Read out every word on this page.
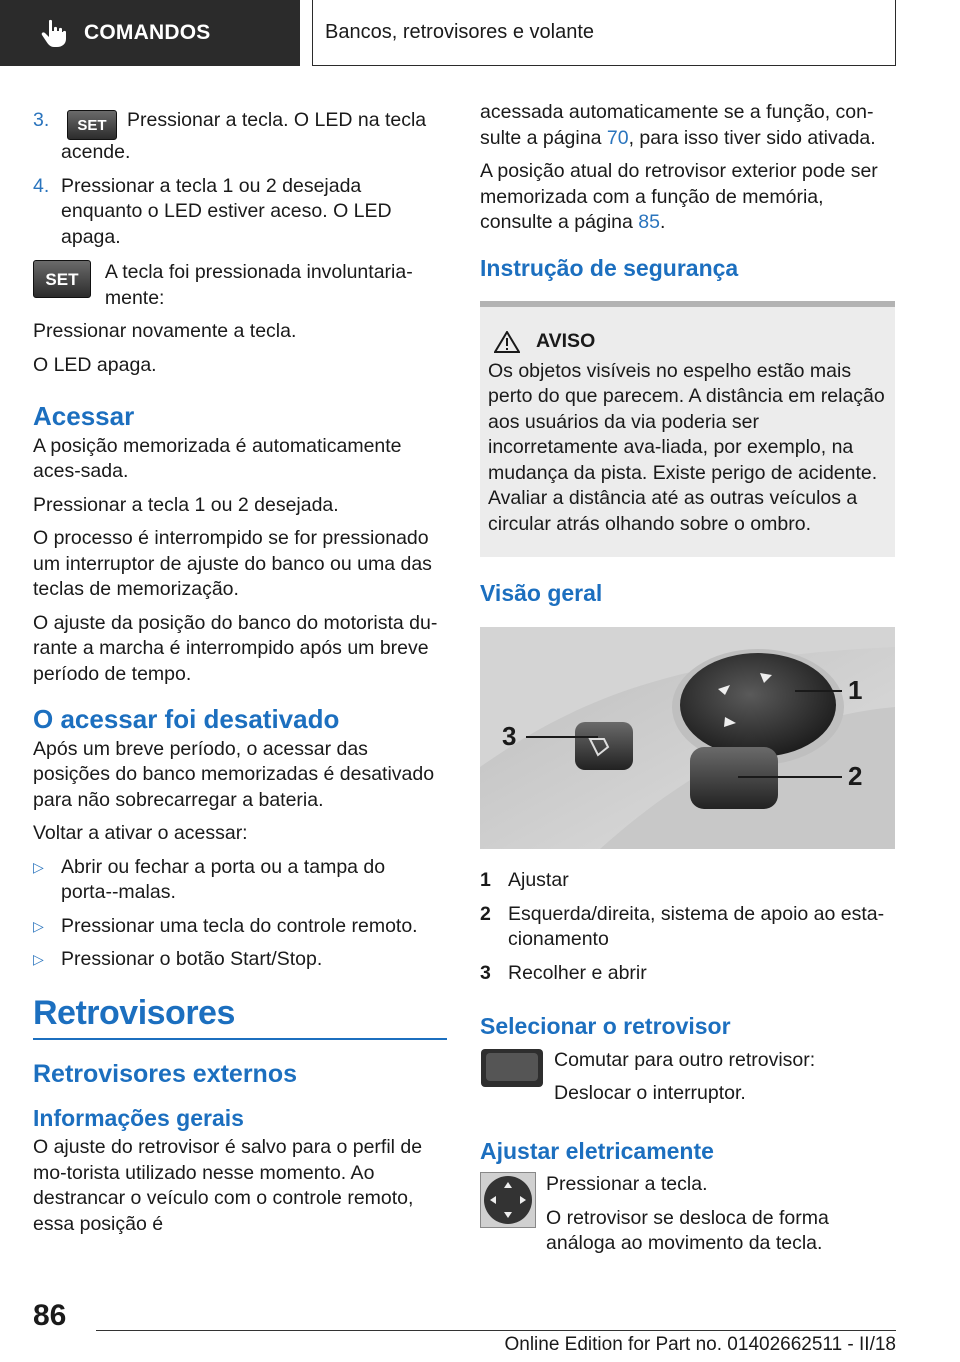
COMANDOS	Bancos, retrovisores e volante
3.	SET Pressionar a tecla. O LED na tecla acende.
4. Pressionar a tecla 1 ou 2 desejada enquanto o LED estiver aceso. O LED apaga.
SET	A tecla foi pressionada involuntaria‐mente:

Pressionar novamente a tecla.

O LED apaga.

Acessar

A posição memorizada é automaticamente aces‐sada.

Pressionar a tecla 1 ou 2 desejada.

O processo é interrompido se for pressionado um interruptor de ajuste do banco ou uma das teclas de memorização.

O ajuste da posição do banco do motorista du‐rante a marcha é interrompido após um breve período de tempo.

O acessar foi desativado

Após um breve período, o acessar das posições do banco memorizadas é desativado para não sobrecarregar a bateria.

Voltar a ativar o acessar:

▷ Abrir ou fechar a porta ou a tampa do porta‐‐malas.
▷ Pressionar uma tecla do controle remoto.
▷ Pressionar o botão Start/Stop.
Retrovisores
Retrovisores externos
Informações gerais

O ajuste do retrovisor é salvo para o perfil de mo‐torista utilizado nesse momento. Ao destrancar o veículo com o controle remoto, essa posição é

acessada automaticamente se a função, con‐sulte a página 70, para isso tiver sido ativada.

A posição atual do retrovisor exterior pode ser memorizada com a função de memória, consulte a página 85.

Instrução de segurança
AVISO

Os objetos visíveis no espelho estão mais perto do que parecem. A distância em relação aos usuários da via poderia ser incorretamente ava‐liada, por exemplo, na mudança da pista. Existe perigo de acidente. Avaliar a distância até as outras veículos a circular atrás olhando sobre o ombro.

Visão geral
1
2
3
1 Ajustar
2 Esquerda/direita, sistema de apoio ao esta‐cionamento
3 Recolher e abrir
Selecionar o retrovisor

Comutar para outro retrovisor:

Deslocar o interruptor.

Ajustar eletricamente

Pressionar a tecla.

O retrovisor se desloca de forma análoga ao movimento da tecla.

86
Online Edition for Part no. 01402662511 - II/18
